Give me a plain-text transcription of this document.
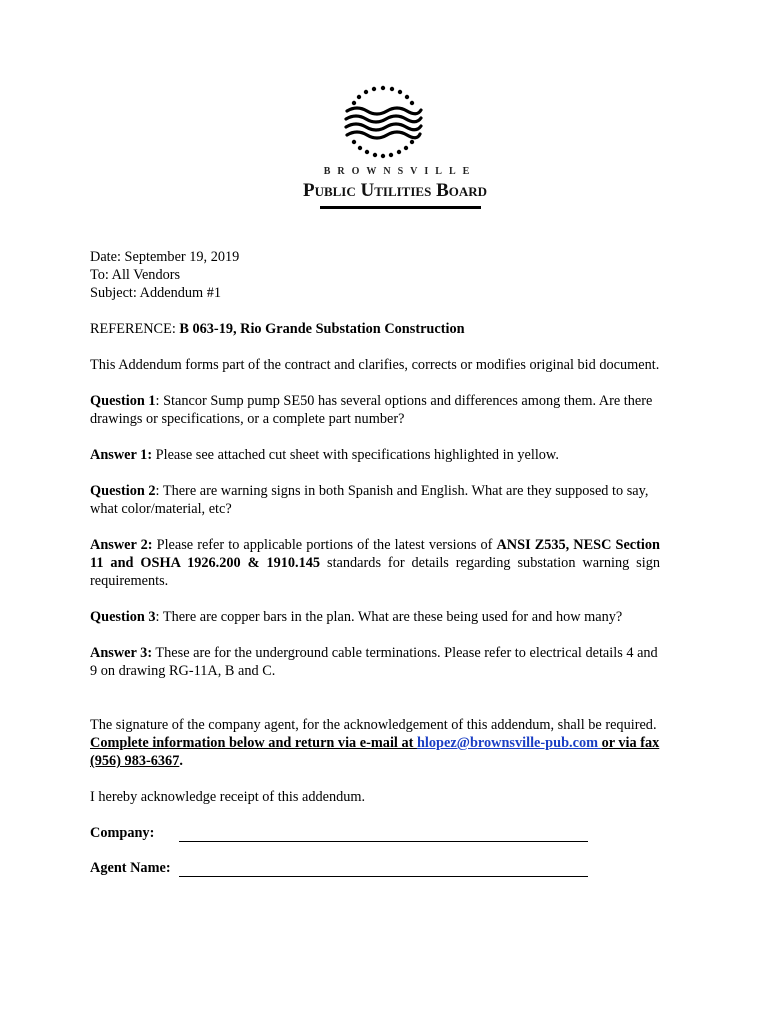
BROWNSVILLE
Public Utilities Board
Date: September 19, 2019
To: All Vendors
Subject: Addendum #1
REFERENCE: B 063-19, Rio Grande Substation Construction
This Addendum forms part of the contract and clarifies, corrects or modifies original bid document.
Question 1: Stancor Sump pump SE50 has several options and differences among them. Are there drawings or specifications, or a complete part number?
Answer 1: Please see attached cut sheet with specifications highlighted in yellow.
Question 2: There are warning signs in both Spanish and English. What are they supposed to say, what color/material, etc?
Answer 2: Please refer to applicable portions of the latest versions of ANSI Z535, NESC Section 11 and OSHA 1926.200 & 1910.145 standards for details regarding substation warning sign requirements.
Question 3: There are copper bars in the plan. What are these being used for and how many?
Answer 3: These are for the underground cable terminations. Please refer to electrical details 4 and 9 on drawing RG-11A, B and C.
The signature of the company agent, for the acknowledgement of this addendum, shall be required. Complete information below and return via e-mail at hlopez@brownsville-pub.com or via fax (956) 983-6367.
I hereby acknowledge receipt of this addendum.
Company:
Agent Name:
